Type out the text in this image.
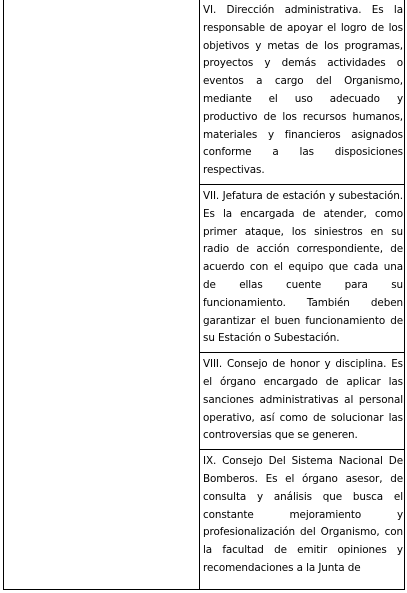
VI. Dirección administrativa. Es la responsable de apoyar el logro de los objetivos y metas de los programas, proyectos y demás actividades o eventos a cargo del Organismo, mediante el uso adecuado y productivo de los recursos humanos, materiales y financieros asignados conforme a las disposiciones respectivas.
VII. Jefatura de estación y subestación. Es la encargada de atender, como primer ataque, los siniestros en su radio de acción correspondiente, de acuerdo con el equipo que cada una de ellas cuente para su funcionamiento. También deben garantizar el buen funcionamiento de su Estación o Subestación.
VIII. Consejo de honor y disciplina. Es el órgano encargado de aplicar las sanciones administrativas al personal operativo, así como de solucionar las controversias que se generen.
IX. Consejo Del Sistema Nacional De Bomberos. Es el órgano asesor, de consulta y análisis que busca el constante mejoramiento y profesionalización del Organismo, con la facultad de emitir opiniones y recomendaciones a la Junta de
